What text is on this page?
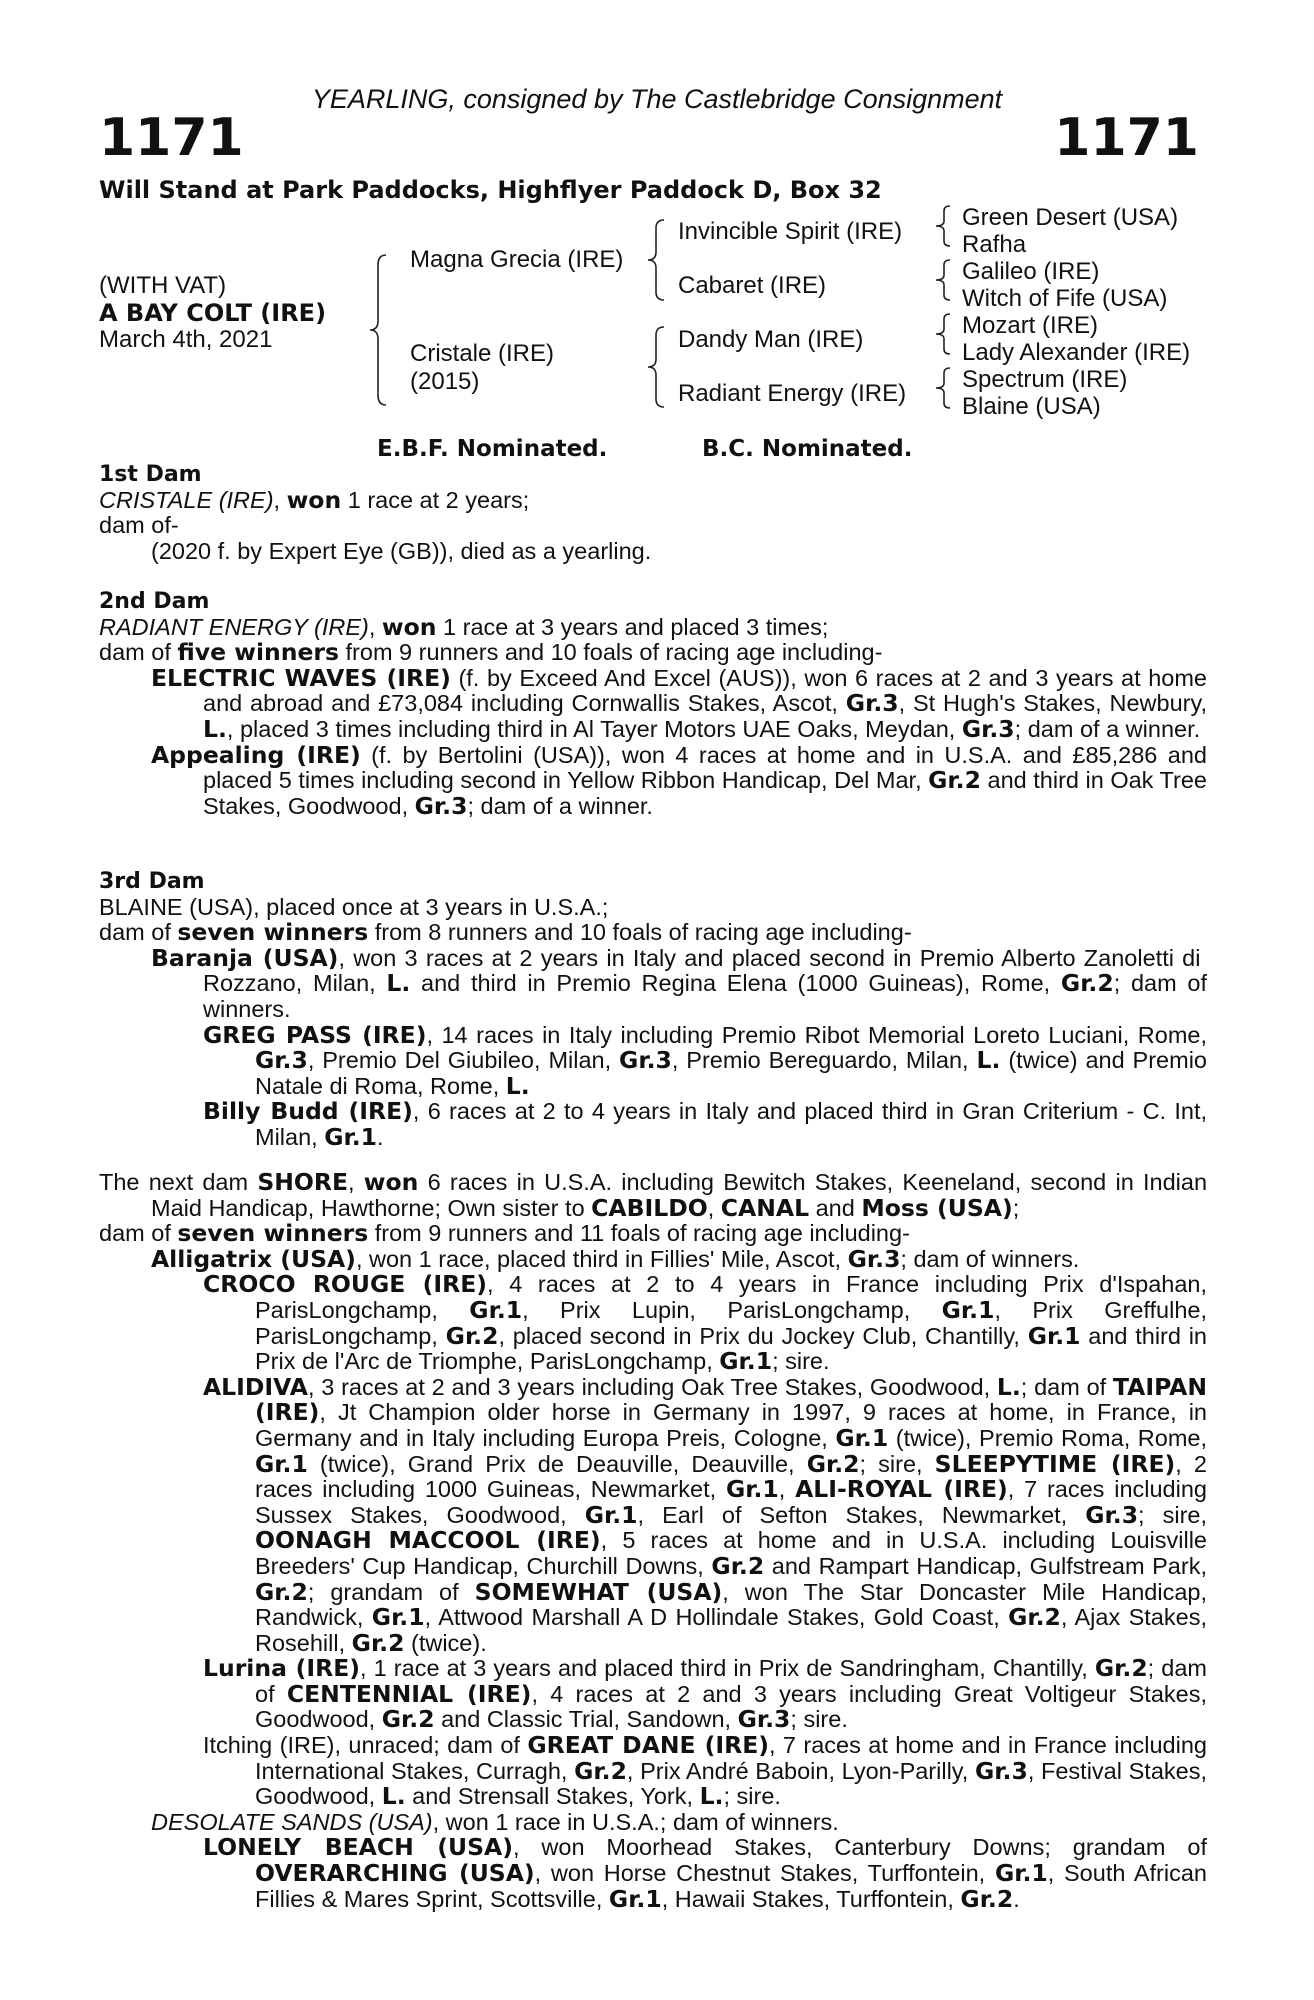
YEARLING, consigned by The Castlebridge Consignment
1171	1171
Will Stand at Park Paddocks, Highflyer Paddock D, Box 32
(WITH VAT)
A BAY COLT (IRE)
March 4th, 2021
Magna Grecia (IRE)
Cristale (IRE)
(2015)
Invincible Spirit (IRE)
Cabaret (IRE)
Dandy Man (IRE)
Radiant Energy (IRE)
Green Desert (USA)
Rafha
Galileo (IRE)
Witch of Fife (USA)
Mozart (IRE)
Lady Alexander (IRE)
Spectrum (IRE)
Blaine (USA)
E.B.F. Nominated.	B.C. Nominated.

1st Dam

CRISTALE (IRE), won 1 race at 2 years;

dam of-

(2020 f. by Expert Eye (GB)), died as a yearling.

2nd Dam

RADIANT ENERGY (IRE), won 1 race at 3 years and placed 3 times;

dam of five winners from 9 runners and 10 foals of racing age including-

ELECTRIC WAVES (IRE) (f. by Exceed And Excel (AUS)), won 6 races at 2 and 3 years at home and abroad and £73,084 including Cornwallis Stakes, Ascot, Gr.3, St Hugh's Stakes, Newbury, L., placed 3 times including third in Al Tayer Motors UAE Oaks, Meydan, Gr.3; dam of a winner.

Appealing (IRE) (f. by Bertolini (USA)), won 4 races at home and in U.S.A. and £85,286 and placed 5 times including second in Yellow Ribbon Handicap, Del Mar, Gr.2 and third in Oak Tree Stakes, Goodwood, Gr.3; dam of a winner.

3rd Dam

BLAINE (USA), placed once at 3 years in U.S.A.;

dam of seven winners from 8 runners and 10 foals of racing age including-

Baranja (USA), won 3 races at 2 years in Italy and placed second in Premio Alberto Zanoletti di  Rozzano, Milan, L. and third in Premio Regina Elena (1000 Guineas), Rome, Gr.2; dam of winners.

GREG PASS (IRE), 14 races in Italy including Premio Ribot Memorial Loreto Luciani, Rome, Gr.3, Premio Del Giubileo, Milan, Gr.3, Premio Bereguardo, Milan, L. (twice) and Premio Natale di Roma, Rome, L.

Billy Budd (IRE), 6 races at 2 to 4 years in Italy and placed third in Gran Criterium - C. Int, Milan, Gr.1.

The next dam SHORE, won 6 races in U.S.A. including Bewitch Stakes, Keeneland, second in Indian Maid Handicap, Hawthorne; Own sister to CABILDO, CANAL and Moss (USA);

dam of seven winners from 9 runners and 11 foals of racing age including-

Alligatrix (USA), won 1 race, placed third in Fillies' Mile, Ascot, Gr.3; dam of winners.

CROCO ROUGE (IRE), 4 races at 2 to 4 years in France including Prix d'Ispahan, ParisLongchamp, Gr.1, Prix Lupin, ParisLongchamp, Gr.1, Prix Greffulhe, ParisLongchamp, Gr.2, placed second in Prix du Jockey Club, Chantilly, Gr.1 and third in Prix de l'Arc de Triomphe, ParisLongchamp, Gr.1; sire.

ALIDIVA, 3 races at 2 and 3 years including Oak Tree Stakes, Goodwood, L.; dam of TAIPAN (IRE), Jt Champion older horse in Germany in 1997, 9 races at home, in France, in Germany and in Italy including Europa Preis, Cologne, Gr.1 (twice), Premio Roma, Rome, Gr.1 (twice), Grand Prix de Deauville, Deauville, Gr.2; sire, SLEEPYTIME (IRE), 2 races including 1000 Guineas, Newmarket, Gr.1, ALI-ROYAL (IRE), 7 races including Sussex Stakes, Goodwood, Gr.1, Earl of Sefton Stakes, Newmarket, Gr.3; sire, OONAGH MACCOOL (IRE), 5 races at home and in U.S.A. including Louisville Breeders' Cup Handicap, Churchill Downs, Gr.2 and Rampart Handicap, Gulfstream Park, Gr.2; grandam of SOMEWHAT (USA), won The Star Doncaster Mile Handicap, Randwick, Gr.1, Attwood Marshall A D Hollindale Stakes, Gold Coast, Gr.2, Ajax Stakes, Rosehill, Gr.2 (twice).

Lurina (IRE), 1 race at 3 years and placed third in Prix de Sandringham, Chantilly, Gr.2; dam of CENTENNIAL (IRE), 4 races at 2 and 3 years including Great Voltigeur Stakes, Goodwood, Gr.2 and Classic Trial, Sandown, Gr.3; sire.

Itching (IRE), unraced; dam of GREAT DANE (IRE), 7 races at home and in France including International Stakes, Curragh, Gr.2, Prix André Baboin, Lyon-Parilly, Gr.3, Festival Stakes, Goodwood, L. and Strensall Stakes, York, L.; sire.

DESOLATE SANDS (USA), won 1 race in U.S.A.; dam of winners.

LONELY BEACH (USA), won Moorhead Stakes, Canterbury Downs; grandam of OVERARCHING (USA), won Horse Chestnut Stakes, Turffontein, Gr.1, South African Fillies & Mares Sprint, Scottsville, Gr.1, Hawaii Stakes, Turffontein, Gr.2.
